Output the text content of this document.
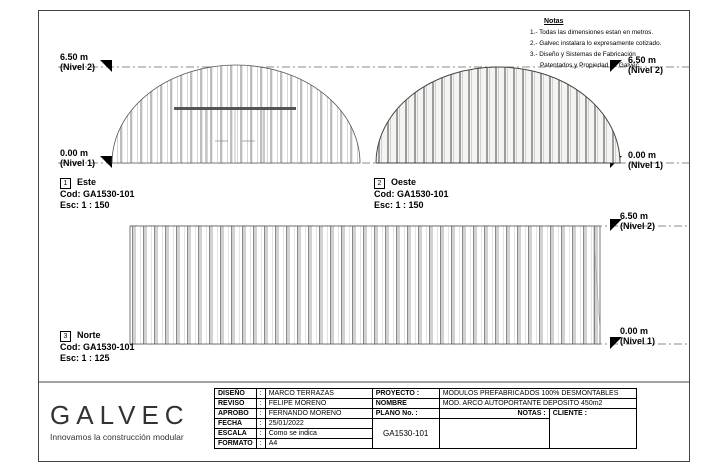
Notas
1.- Todas las dimensiones estan en metros.
2.- Galvec instalara lo expresamente cotizado.
3.- Diseño y Sistemas de Fabricación
Patentados y Propiedad de Galvec
6.50 m
(Nivel 2)
0.00 m
(Nivel 1)
6.50 m
(Nivel 2)
0.00 m
(Nivel 1)
6.50 m
(Nivel 2)
0.00 m
(Nivel 1)
1 Este
Cod: GA1530-101
Esc: 1 : 150
2 Oeste
Cod: GA1530-101
Esc: 1 : 150
3 Norte
Cod: GA1530-101
Esc: 1 : 125
GALVEC
Innovamos la construcción modular
DISEÑO	:	MARCO TERRAZAS	PROYECTO :	MODULOS PREFABRICADOS 100% DESMONTABLES	
REVISO	:	FELIPE MORENO	NOMBRE	MOD. ARCO AUTOPORTANTE DEPOSITO 450m2	
APROBO	:	FERNANDO MORENO	PLANO No. :	NOTAS :	CLIENTE :
FECHA	:	25/01/2022	GA1530-101		
ESCALA	:	Como se indica			
FORMATO	:	A4			
